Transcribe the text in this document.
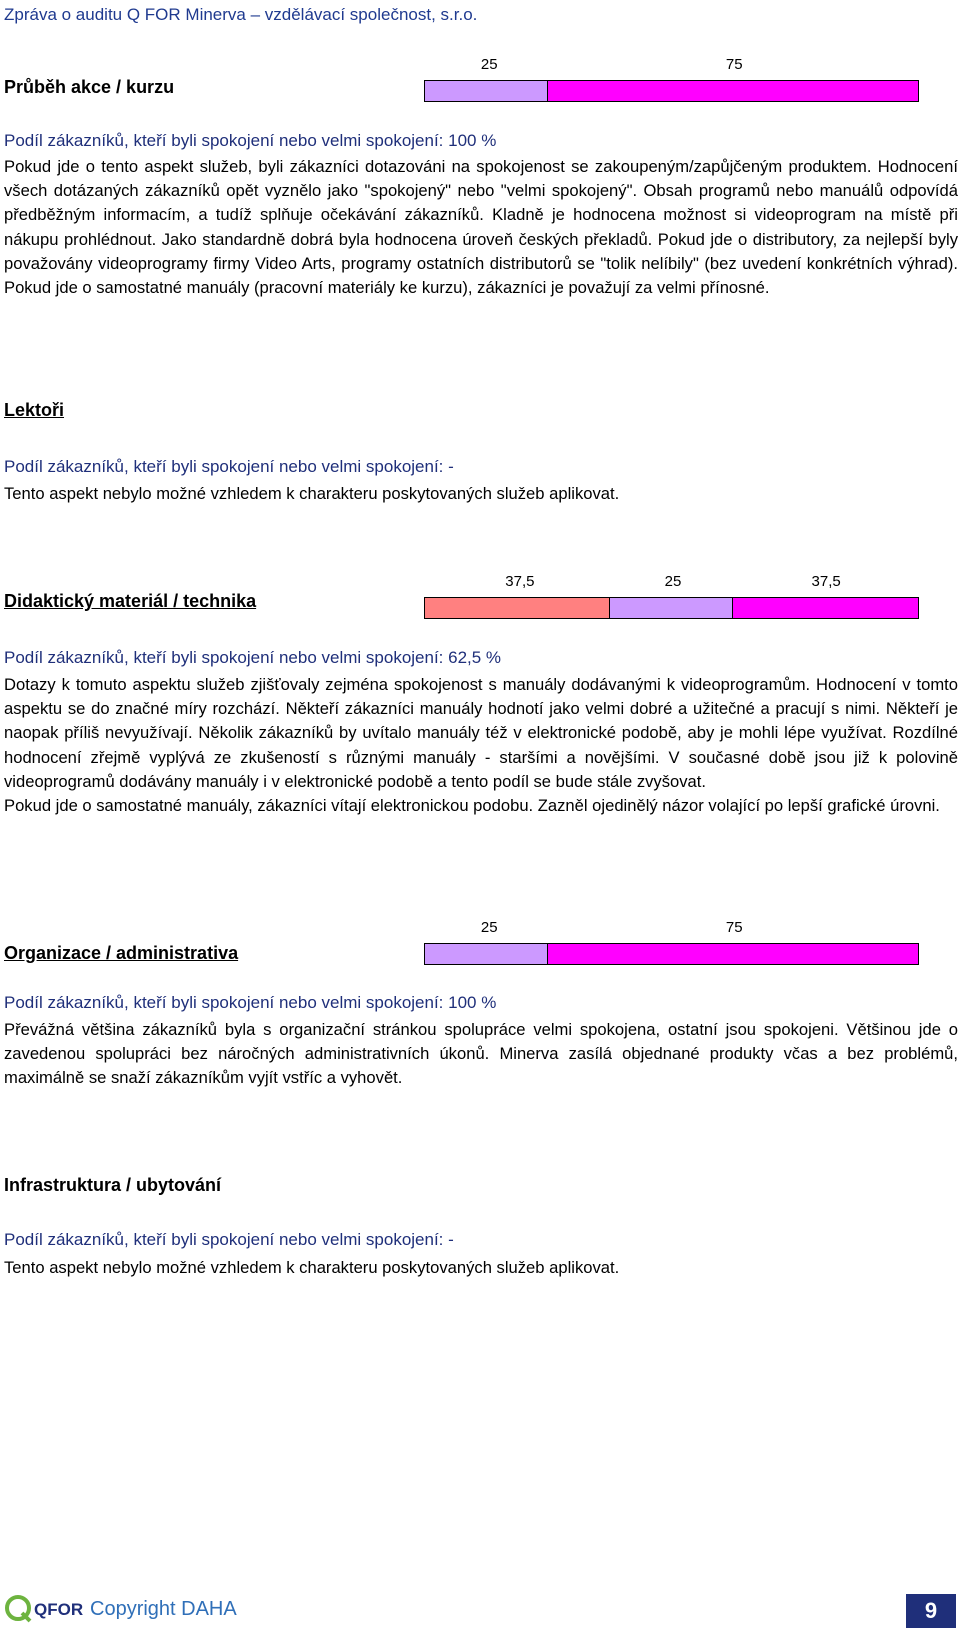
Zpráva o auditu Q FOR Minerva – vzdělávací společnost, s.r.o.
Průběh akce / kurzu
25	75
Podíl zákazníků, kteří byli spokojení nebo velmi spokojení: 100 %

Pokud jde o tento aspekt služeb, byli zákazníci dotazováni na spokojenost se zakoupeným/zapůjčeným produktem. Hodnocení všech dotázaných zákazníků opět vyznělo jako "spokojený" nebo "velmi spokojený". Obsah programů nebo manuálů odpovídá předběžným informacím, a tudíž splňuje očekávání zákazníků. Kladně je hodnocena možnost si videoprogram na místě při nákupu prohlédnout. Jako standardně dobrá byla hodnocena úroveň českých překladů. Pokud jde o distributory, za nejlepší byly považovány videoprogramy firmy Video Arts, programy ostatních distributorů se "tolik nelíbily" (bez uvedení konkrétních výhrad). Pokud jde o samostatné manuály (pracovní materiály ke kurzu), zákazníci je považují za velmi přínosné.

Lektoři
Podíl zákazníků, kteří byli spokojení nebo velmi spokojení: -

Tento aspekt nebylo možné vzhledem k charakteru poskytovaných služeb aplikovat.

Didaktický materiál / technika
37,5	25	37,5
Podíl zákazníků, kteří byli spokojení nebo velmi spokojení: 62,5 %

Dotazy k tomuto aspektu služeb zjišťovaly zejména spokojenost s manuály dodávanými k videoprogramům. Hodnocení v tomto aspektu se do značné míry rozchází. Někteří zákazníci manuály hodnotí jako velmi dobré a užitečné a pracují s nimi. Někteří je naopak příliš nevyužívají. Několik zákazníků by uvítalo manuály též v elektronické podobě, aby je mohli lépe využívat. Rozdílné hodnocení zřejmě vyplývá ze zkušeností s různými manuály - staršími a novějšími. V současné době jsou již k polovině videoprogramů dodávány manuály i v elektronické podobě a tento podíl se bude stále zvyšovat.

Pokud jde o samostatné manuály, zákazníci vítají elektronickou podobu. Zazněl ojedinělý názor volající po lepší grafické úrovni.

Organizace / administrativa
25	75
Podíl zákazníků, kteří byli spokojení nebo velmi spokojení: 100 %

Převážná většina zákazníků byla s organizační stránkou spolupráce velmi spokojena, ostatní jsou spokojeni. Většinou jde o zavedenou spolupráci bez náročných administrativních úkonů. Minerva zasílá objednané produkty včas a bez problémů, maximálně se snaží zákazníkům vyjít vstříc a vyhovět.

Infrastruktura / ubytování
Podíl zákazníků, kteří byli spokojení nebo velmi spokojení: -

Tento aspekt nebylo možné vzhledem k charakteru poskytovaných služeb aplikovat.

QFOR Copyright DAHA	9
